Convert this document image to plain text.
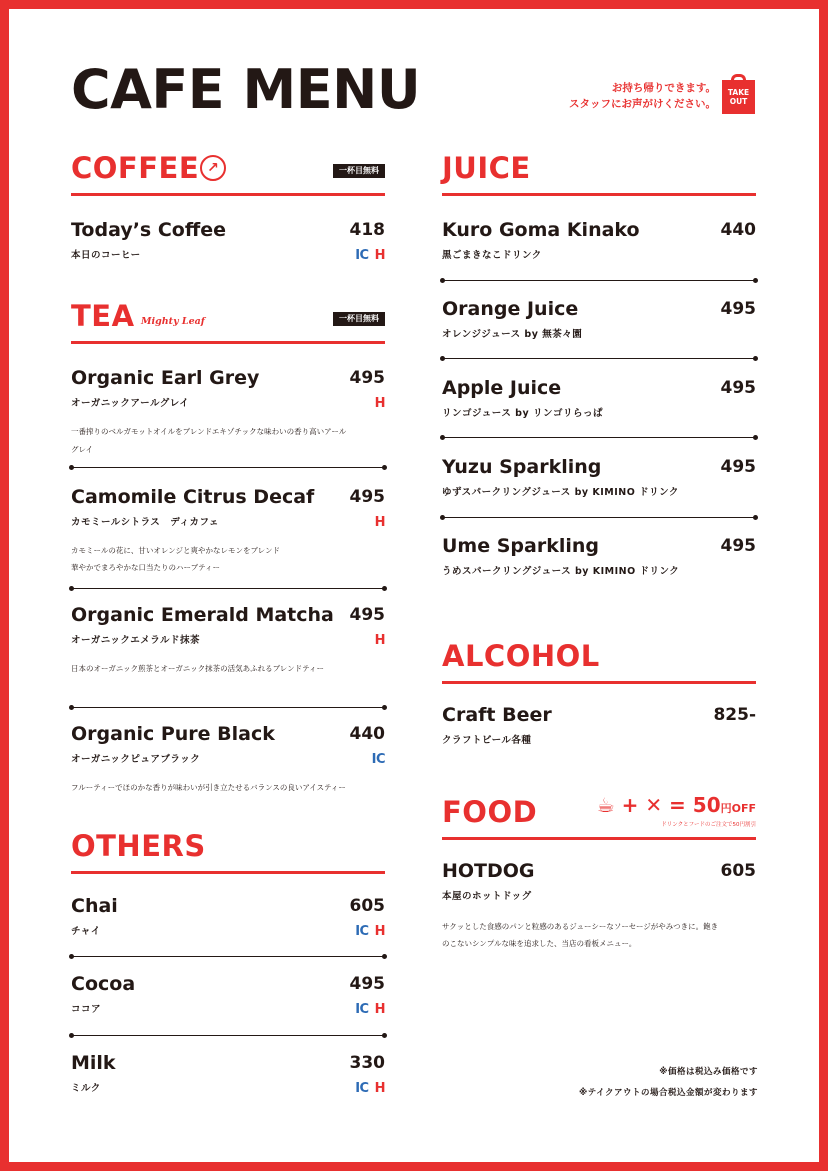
CAFE MENU	お持ち帰りできます。
スタッフにお声がけください。
TAKE
OUT
COFFEE ↗	一杯目無料
Today’s Coffee	418
本日のコーヒー	IC H
TEA Mighty Leaf	一杯目無料
Organic Earl Grey	495
オーガニックアールグレイ	H
一番搾りのベルガモットオイルをブレンドエキゾチックな味わいの香り高いアール
グレイ
Camomile Citrus Decaf 495
カモミールシトラス　ディカフェ	H
カモミールの花に、甘いオレンジと爽やかなレモンをブレンド
華やかでまろやかな口当たりのハーブティー
Organic Emerald Matcha 495
オーガニックエメラルド抹茶	H
日本のオーガニック煎茶とオーガニック抹茶の活気あふれるブレンドティー
Organic Pure Black	440
オーガニックピュアブラック	IC
フルーティーでほのかな香りが味わいが引き立たせるバランスの良いアイスティー
OTHERS
Chai	605
チャイ	IC H
Cocoa	495
ココア	IC H
Milk	330
ミルク	IC H
JUICE
Kuro Goma Kinako	440
黒ごまきなこドリンク
Orange Juice	495
オレンジジュース by 無茶々園
Apple Juice	495
リンゴジュース by リンゴリらっぱ
Yuzu Sparkling	495
ゆずスパークリングジュース by KIMINO ドリンク
Ume Sparkling	495
うめスパークリングジュース by KIMINO ドリンク
ALCOHOL
Craft Beer	825-
クラフトビール各種
FOOD	☕ + ✕ = 50円OFF
ドリンクとフードのご注文で50円割引
HOTDOG	605
本屋のホットドッグ
サクッとした食感のパンと粒感のあるジューシーなソーセージがやみつきに。飽き
のこないシンプルな味を追求した、当店の看板メニュー。
※価格は税込み価格です
※テイクアウトの場合税込金額が変わります
